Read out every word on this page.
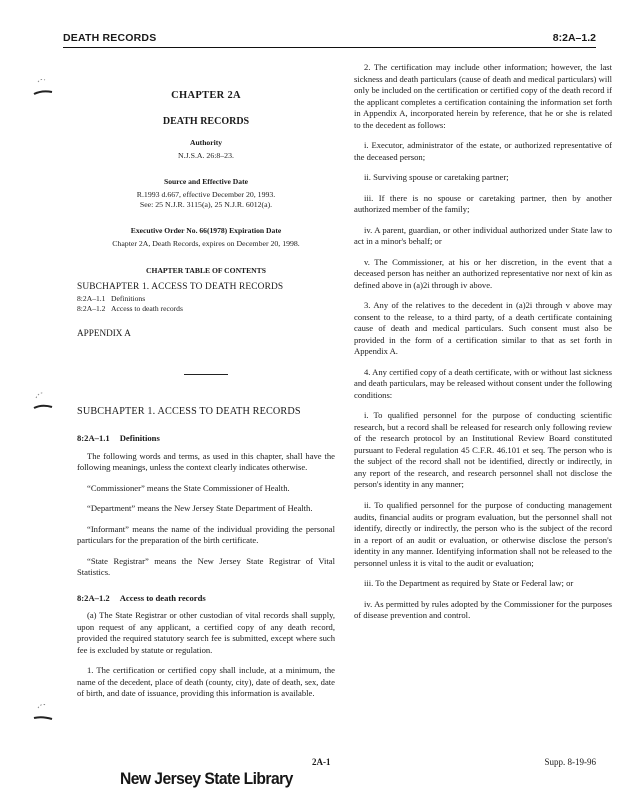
DEATH RECORDS	8:2A–1.2
CHAPTER 2A
DEATH RECORDS
Authority
N.J.S.A. 26:8–23.
Source and Effective Date
R.1993 d.667, effective December 20, 1993.
See: 25 N.J.R. 3115(a), 25 N.J.R. 6012(a).
Executive Order No. 66(1978) Expiration Date
Chapter 2A, Death Records, expires on December 20, 1998.
CHAPTER TABLE OF CONTENTS
SUBCHAPTER 1. ACCESS TO DEATH RECORDS
8:2A–1.1 Definitions
8:2A–1.2 Access to death records
APPENDIX A
SUBCHAPTER 1. ACCESS TO DEATH RECORDS
8:2A–1.1 Definitions
The following words and terms, as used in this chapter, shall have the following meanings, unless the context clearly indicates otherwise.
“Commissioner” means the State Commissioner of Health.
“Department” means the New Jersey State Department of Health.
“Informant” means the name of the individual providing the personal particulars for the preparation of the birth certificate.
“State Registrar” means the New Jersey State Registrar of Vital Statistics.
8:2A–1.2 Access to death records
(a) The State Registrar or other custodian of vital records shall supply, upon request of any applicant, a certified copy of any death record, provided the required statutory search fee is submitted, except where such fee is excluded by statute or regulation.
1. The certification or certified copy shall include, at a minimum, the name of the decedent, place of death (county, city), date of death, sex, date of birth, and date of issuance, providing this information is available.
2. The certification may include other information; however, the last sickness and death particulars (cause of death and medical particulars) will only be included on the certification or certified copy of the death record if the applicant completes a certification containing the information set forth in Appendix A, incorporated herein by reference, that he or she is related to the decedent as follows:
i. Executor, administrator of the estate, or authorized representative of the deceased person;
ii. Surviving spouse or caretaking partner;
iii. If there is no spouse or caretaking partner, then by another authorized member of the family;
iv. A parent, guardian, or other individual authorized under State law to act in a minor's behalf; or
v. The Commissioner, at his or her discretion, in the event that a deceased person has neither an authorized representative nor next of kin as defined above in (a)2i through iv above.
3. Any of the relatives to the decedent in (a)2i through v above may consent to the release, to a third party, of a death certificate containing cause of death and medical particulars. Such consent must also be provided in the form of a certification similar to that as set forth in Appendix A.
4. Any certified copy of a death certificate, with or without last sickness and death particulars, may be released without consent under the following conditions:
i. To qualified personnel for the purpose of conducting scientific research, but a record shall be released for research only following review of the research protocol by an Institutional Review Board constituted pursuant to Federal regulation 45 C.F.R. 46.101 et seq. The person who is the subject of the record shall not be identified, directly or indirectly, in any report of the research, and research personnel shall not disclose the person's identity in any manner;
ii. To qualified personnel for the purpose of conducting management audits, financial audits or program evaluation, but the personnel shall not identify, directly or indirectly, the person who is the subject of the record in a report of an audit or evaluation, or otherwise disclose the person's identity in any manner. Identifying information shall not be released to the personnel unless it is vital to the audit or evaluation;
iii. To the Department as required by State or Federal law; or
iv. As permitted by rules adopted by the Commissioner for the purposes of disease prevention and control.
2A-1	Supp. 8-19-96
New Jersey State Library
